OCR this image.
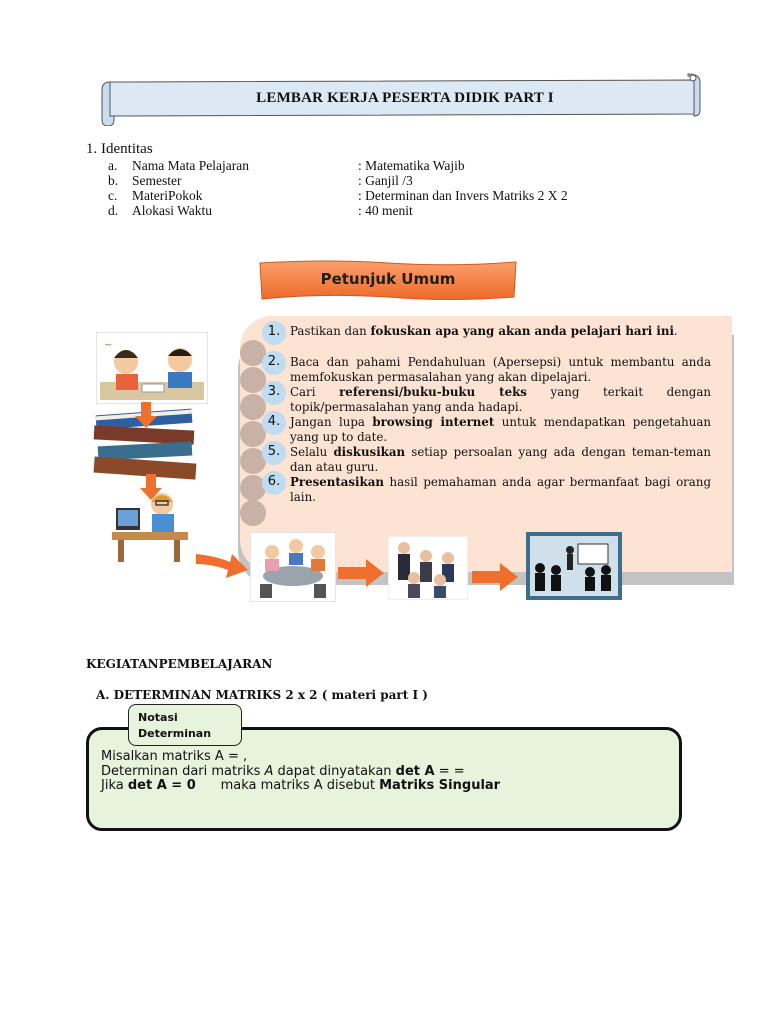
LEMBAR KERJA PESERTA DIDIK PART I
1. Identitas
a. Nama Mata Pelajaran	: Matematika Wajib
b. Semester	: Ganjil /3
c. MateriPokok	: Determinan dan Invers Matriks 2 X 2
d. Alokasi Waktu	: 40 menit
Petunjuk Umum
1.
2.
3.
4.
5.
6.
Pastikan dan fokuskan apa yang akan anda pelajari hari ini.
Baca dan pahami Pendahuluan (Apersepsi) untuk membantu anda memfokuskan permasalahan yang akan dipelajari.
Cari referensi/buku-buku teks yang terkait dengan topik/permasalahan yang anda hadapi.
Jangan lupa browsing internet untuk mendapatkan pengetahuan yang up to date.
Selalu diskusikan setiap persoalan yang ada dengan teman-teman dan atau guru.
Presentasikan hasil pemahaman anda agar bermanfaat bagi orang lain.
~
KEGIATANPEMBELAJARAN
A. DETERMINAN MATRIKS 2 x 2 ( materi part I )
Notasi
Determinan
Misalkan matriks A = ,
Determinan dari matriks A dapat dinyatakan det A = =
Jika det A = 0      maka matriks A disebut Matriks Singular
